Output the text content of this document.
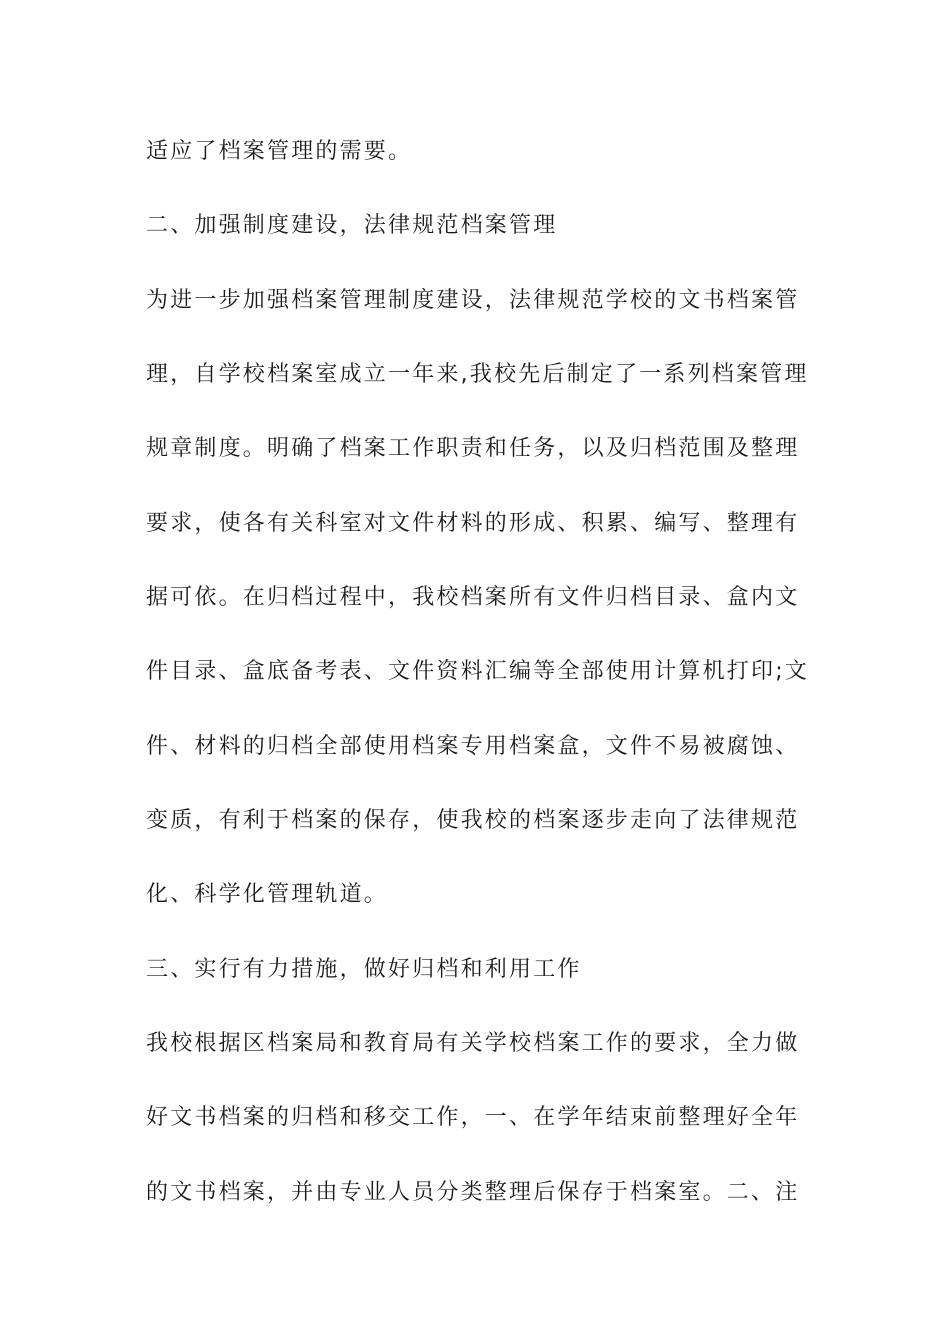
适应了档案管理的需要。
二、加强制度建设，法律规范档案管理
为进一步加强档案管理制度建设，法律规范学校的文书档案管
理，自学校档案室成立一年来,我校先后制定了一系列档案管理
规章制度。明确了档案工作职责和任务，以及归档范围及整理
要求，使各有关科室对文件材料的形成、积累、编写、整理有
据可依。在归档过程中，我校档案所有文件归档目录、盒内文
件目录、盒底备考表、文件资料汇编等全部使用计算机打印;文
件、材料的归档全部使用档案专用档案盒，文件不易被腐蚀、
变质，有利于档案的保存，使我校的档案逐步走向了法律规范
化、科学化管理轨道。
三、实行有力措施，做好归档和利用工作
我校根据区档案局和教育局有关学校档案工作的要求，全力做
好文书档案的归档和移交工作，一、在学年结束前整理好全年
的文书档案，并由专业人员分类整理后保存于档案室。二、注
